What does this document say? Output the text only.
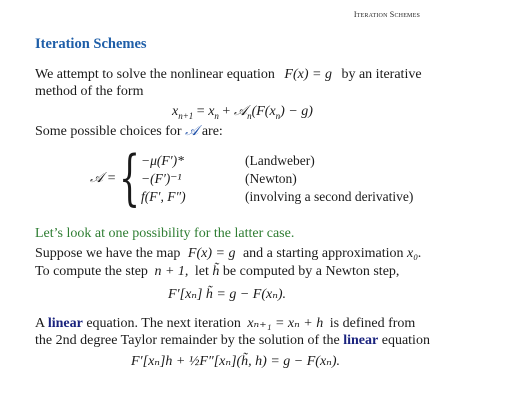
Iteration Schemes
Iteration Schemes
We attempt to solve the nonlinear equation F(x) = g by an iterative
method of the form
$x_{n+1} = x_n$ + $𝒜_n(F(x_n) - g)$
Some possible choices for 𝒜 are:
𝒜 = { −μ(F′)*	(Landweber)
−(F′)⁻¹	(Newton)
f(F′, F″)	(involving a second derivative)
Let’s look at one possibility for the latter case.
Suppose we have the map F(x) = g and a starting approximation x₀.
To compute the step n + 1, let h̃ be computed by a Newton step,
F′[xₙ] h̃ = g − F(xₙ).
A linear equation. The next iteration xₙ₊₁ = xₙ + h is defined from
the 2nd degree Taylor remainder by the solution of the linear equation
F′[xₙ]h + ½F″[xₙ](h̃, h) = g − F(xₙ).
